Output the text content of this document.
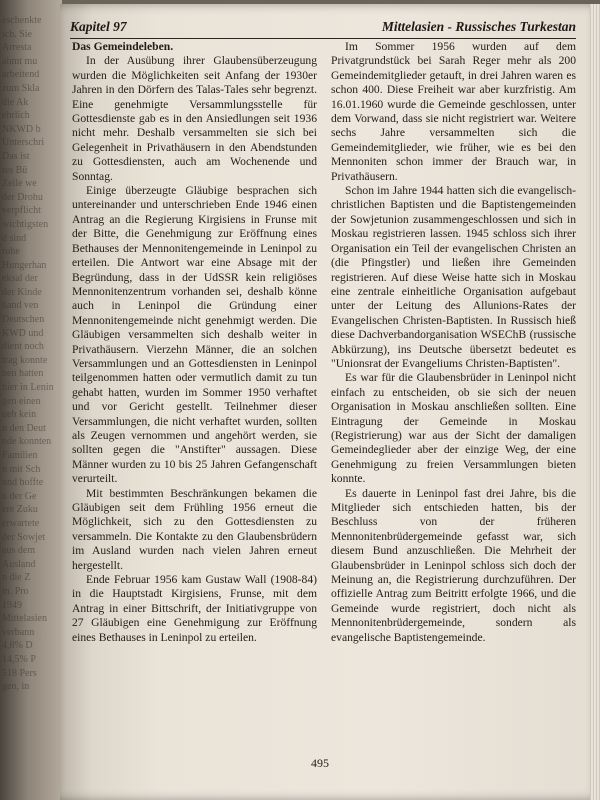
eschenkte
ich. Sie
Arresta
ahmt mu
arbeitend
zum Skla
die Ak
ehrlich
NKWD b
Unterschri
Das ist
tes Bü
Zeile we
der Drohu
verpflicht
wichtigsten
d sind
ruhe
Hungerhan
eksal der
der Kinde
hand ven
Deutschen
KWD und
dient noch
trag konnte
nen hatten
hier in Lenin
gen einen
ueh kein
n den Deut
nde konnten
Familien
n mit Sch
und hoffte
n der Ge
ere Zuku
erwartete
der Sowjet
aus dem
Ausland
n die Z
in. Pro
1949
Mittelasien
verbann
4,8% D
14,5% P
518 Pers
gen, in
Kapitel 97	Mittelasien - Russisches Turkestan
Das Gemeindeleben.

In der Ausübung ihrer Glaubensüberzeugung wurden die Möglichkeiten seit Anfang der 1930er Jahren in den Dörfern des Talas-Tales sehr begrenzt. Eine genehmigte Versammlungsstelle für Gottesdienste gab es in den Ansiedlungen seit 1936 nicht mehr. Deshalb versammelten sie sich bei Gelegenheit in Privathäusern in den Abendstunden zu Gottesdiensten, auch am Wochenende und Sonntag.

Einige überzeugte Gläubige besprachen sich untereinander und unterschrieben Ende 1946 einen Antrag an die Regierung Kirgisiens in Frunse mit der Bitte, die Genehmigung zur Eröffnung eines Bethauses der Mennonitengemeinde in Leninpol zu erteilen. Die Antwort war eine Absage mit der Begründung, dass in der UdSSR kein religiöses Mennonitenzentrum vorhanden sei, deshalb könne auch in Leninpol die Gründung einer Mennonitengemeinde nicht genehmigt werden. Die Gläubigen versammelten sich deshalb weiter in Privathäusern. Vierzehn Männer, die an solchen Versammlungen und an Gottesdiensten in Leninpol teilgenommen hatten oder vermutlich damit zu tun gehabt hatten, wurden im Sommer 1950 verhaftet und vor Gericht gestellt. Teilnehmer dieser Versammlungen, die nicht verhaftet wurden, sollten als Zeugen vernommen und angehört werden, sie sollten gegen die "Anstifter" aussagen. Diese Männer wurden zu 10 bis 25 Jahren Gefangenschaft verurteilt.

Mit bestimmten Beschränkungen bekamen die Gläubigen seit dem Frühling 1956 erneut die Möglichkeit, sich zu den Gottesdiensten zu versammeln. Die Kontakte zu den Glaubensbrüdern im Ausland wurden nach vielen Jahren erneut hergestellt.

Ende Februar 1956 kam Gustaw Wall (1908-84) in die Hauptstadt Kirgisiens, Frunse, mit dem Antrag in einer Bittschrift, der Initiativgruppe von 27 Gläubigen eine Genehmigung zur Eröffnung eines Bethauses in Leninpol zu erteilen.

Im Sommer 1956 wurden auf dem Privatgrundstück bei Sarah Reger mehr als 200 Gemeindemitglieder getauft, in drei Jahren waren es schon 400. Diese Freiheit war aber kurzfristig. Am 16.01.1960 wurde die Gemeinde geschlossen, unter dem Vorwand, dass sie nicht registriert war. Weitere sechs Jahre versammelten sich die Gemeindemitglieder, wie früher, wie es bei den Mennoniten schon immer der Brauch war, in Privathäusern.

Schon im Jahre 1944 hatten sich die evangelisch-christlichen Baptisten und die Baptistengemeinden der Sowjetunion zusammengeschlossen und sich in Moskau registrieren lassen. 1945 schloss sich ihrer Organisation ein Teil der evangelischen Christen an (die Pfingstler) und ließen ihre Gemeinden registrieren. Auf diese Weise hatte sich in Moskau eine zentrale einheitliche Organisation aufgebaut unter der Leitung des Allunions-Rates der Evangelischen Christen-Baptisten. In Russisch hieß diese Dachverbandorganisation WSEChB (russische Abkürzung), ins Deutsche übersetzt bedeutet es "Unionsrat der Evangeliums Christen-Baptisten".

Es war für die Glaubensbrüder in Leninpol nicht einfach zu entscheiden, ob sie sich der neuen Organisation in Moskau anschließen sollten. Eine Eintragung der Gemeinde in Moskau (Registrierung) war aus der Sicht der damaligen Gemeindeglieder aber der einzige Weg, der eine Genehmigung zu freien Versammlungen bieten konnte.

Es dauerte in Leninpol fast drei Jahre, bis die Mitglieder sich entschieden hatten, bis der Beschluss von der früheren Mennonitenbrüdergemeinde gefasst war, sich diesem Bund anzuschließen. Die Mehrheit der Glaubensbrüder in Leninpol schloss sich doch der Meinung an, die Registrierung durchzuführen. Der offizielle Antrag zum Beitritt erfolgte 1966, und die Gemeinde wurde registriert, doch nicht als Mennonitenbrüdergemeinde, sondern als evangelische Baptistengemeinde.

495
